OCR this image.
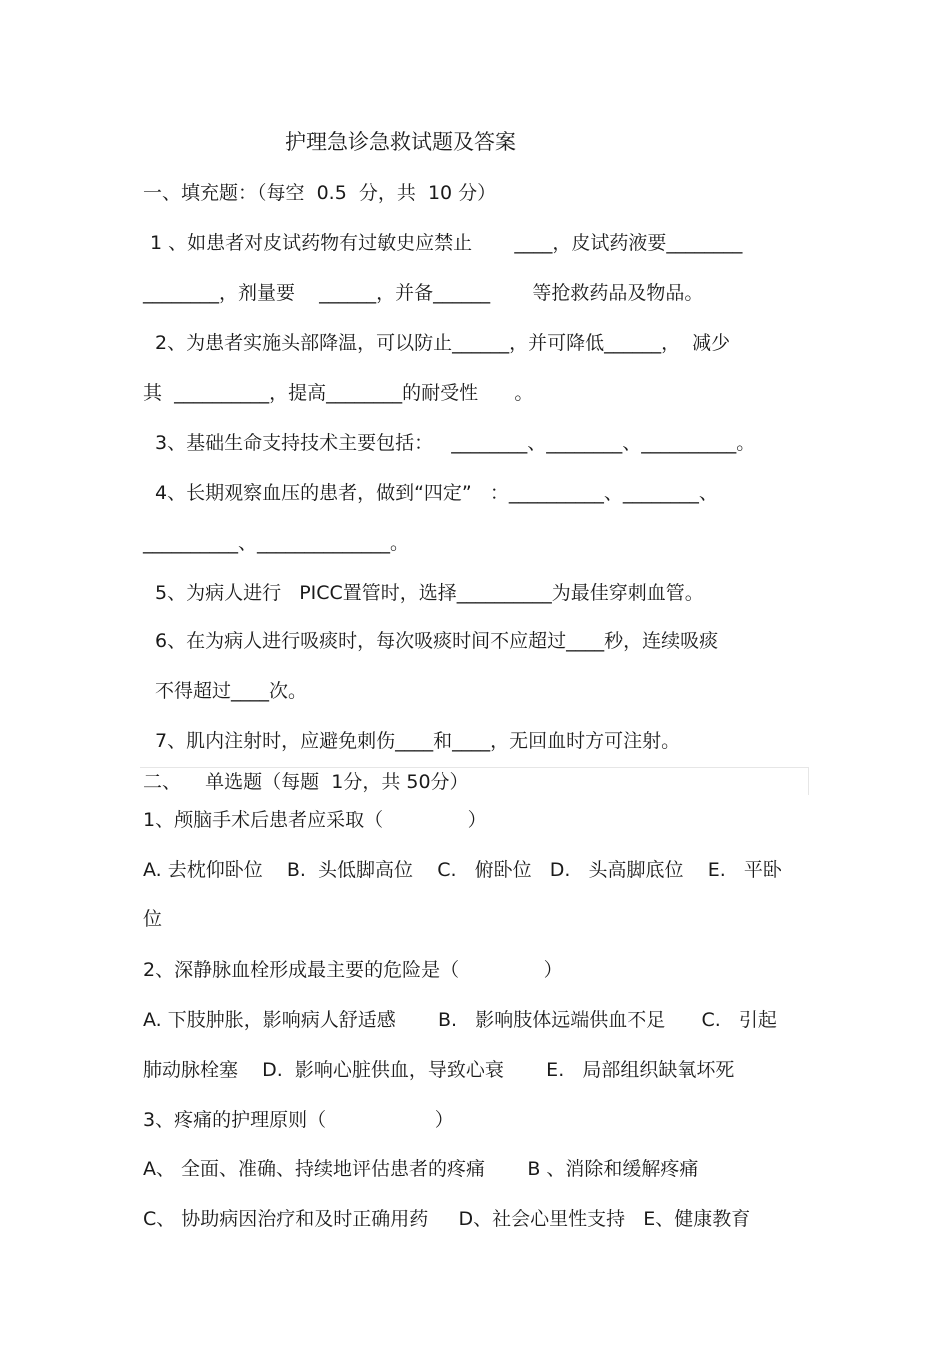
护理急诊急救试题及答案
一、填充题：（每空  0.5  分，共  10 分）
1 、如患者对皮试药物有过敏史应禁止       ____，皮试药液要________
________，剂量要    ______，并备______       等抢救药品及物品。
2、为患者实施头部降温，可以防止______，并可降低______，  减少
其  __________，提高________的耐受性      。
3、基础生命支持技术主要包括：   ________、________、__________。
4、长期观察血压的患者，做到“四定”   ：__________、________、
__________、______________。
5、为病人进行   PICC置管时，选择__________为最佳穿刺血管。
6、在为病人进行吸痰时，每次吸痰时间不应超过____秒，连续吸痰
不得超过____次。
7、肌内注射时，应避免刺伤____和____，无回血时方可注射。
二、    单选题（每题  1分，共 50分）
1、颅脑手术后患者应采取（              ）
A. 去枕仰卧位    B.  头低脚高位    C.   俯卧位   D.   头高脚底位    E.   平卧
位
2、深静脉血栓形成最主要的危险是（              ）
A. 下肢肿胀，影响病人舒适感       B.   影响肢体远端供血不足      C.   引起
肺动脉栓塞    D.  影响心脏供血，导致心衰       E.   局部组织缺氧坏死
3、疼痛的护理原则（                  ）
A、 全面、准确、持续地评估患者的疼痛       B 、消除和缓解疼痛
C、 协助病因治疗和及时正确用药     D、社会心里性支持   E、健康教育
